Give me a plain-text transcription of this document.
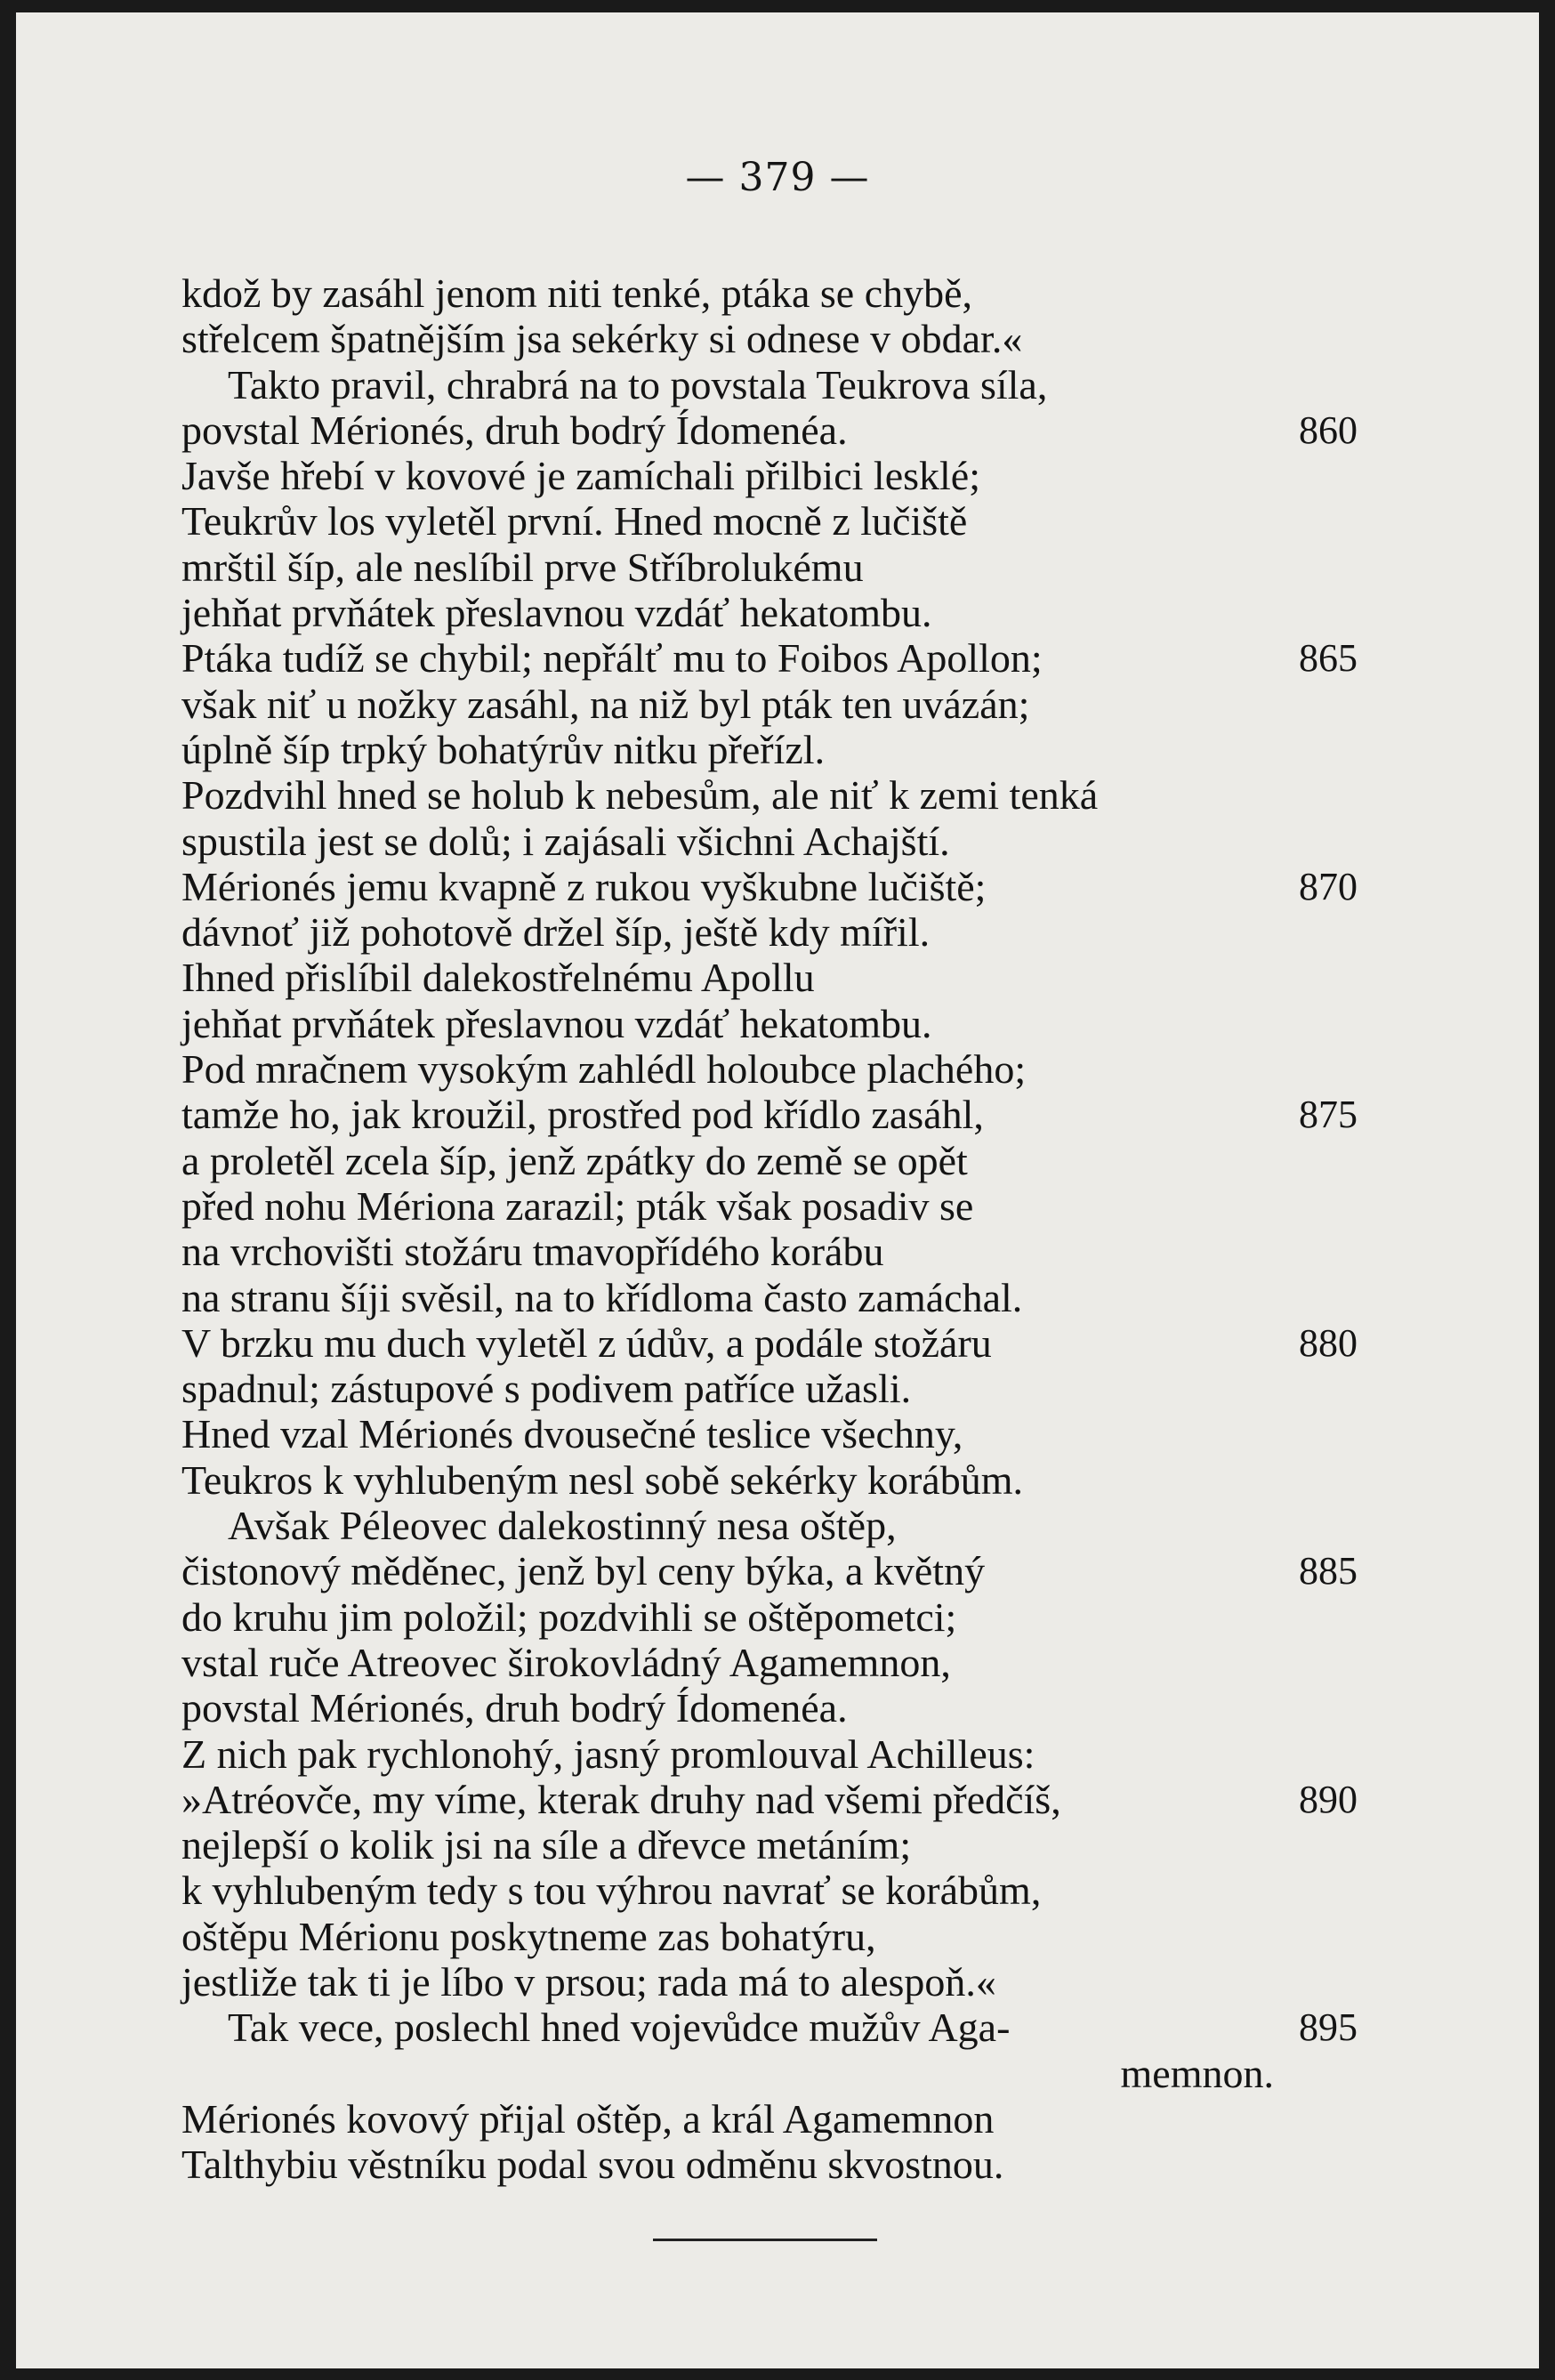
— 379 —
kdož by zasáhl jenom niti tenké, ptáka se chybě,
střelcem špatnějším jsa sekérky si odnese v obdar.«
Takto pravil, chrabrá na to povstala Teukrova síla,
povstal Mérionés, druh bodrý Ídomenéa.	860
Javše hřebí v kovové je zamíchali přilbici lesklé;
Teukrův los vyletěl první. Hned mocně z lučiště
mrštil šíp, ale neslíbil prve Stříbrolukému
jehňat prvňátek přeslavnou vzdáť hekatombu.
Ptáka tudíž se chybil; nepřálť mu to Foibos Apollon;	865
však niť u nožky zasáhl, na niž byl pták ten uvázán;
úplně šíp trpký bohatýrův nitku přeřízl.
Pozdvihl hned se holub k nebesům, ale niť k zemi tenká
spustila jest se dolů; i zajásali všichni Achajští.
Mérionés jemu kvapně z rukou vyškubne lučiště;	870
dávnoť již pohotově držel šíp, ještě kdy mířil.
Ihned přislíbil dalekostřelnému Apollu
jehňat prvňátek přeslavnou vzdáť hekatombu.
Pod mračnem vysokým zahlédl holoubce plachého;
tamže ho, jak kroužil, prostřed pod křídlo zasáhl,	875
a proletěl zcela šíp, jenž zpátky do země se opět
před nohu Mériona zarazil; pták však posadiv se
na vrchovišti stožáru tmavopřídého korábu
na stranu šíji svěsil, na to křídloma často zamáchal.
V brzku mu duch vyletěl z údův, a podále stožáru	880
spadnul; zástupové s podivem patříce užasli.
Hned vzal Mérionés dvousečné teslice všechny,
Teukros k vyhlubeným nesl sobě sekérky korábům.
Avšak Péleovec dalekostinný nesa oštěp,
čistonový měděnec, jenž byl ceny býka, a květný	885
do kruhu jim položil; pozdvihli se oštěpometci;
vstal ruče Atreovec širokovládný Agamemnon,
povstal Mérionés, druh bodrý Ídomenéa.
Z nich pak rychlonohý, jasný promlouval Achilleus:
»Atréovče, my víme, kterak druhy nad všemi předčíš,	890
nejlepší o kolik jsi na síle a dřevce metáním;
k vyhlubeným tedy s tou výhrou navrať se korábům,
oštěpu Mérionu poskytneme zas bohatýru,
jestliže tak ti je líbo v prsou; rada má to alespoň.«
Tak vece, poslechl hned vojevůdce mužův Aga-	895
memnon.
Mérionés kovový přijal oštěp, a král Agamemnon
Talthybiu věstníku podal svou odměnu skvostnou.
